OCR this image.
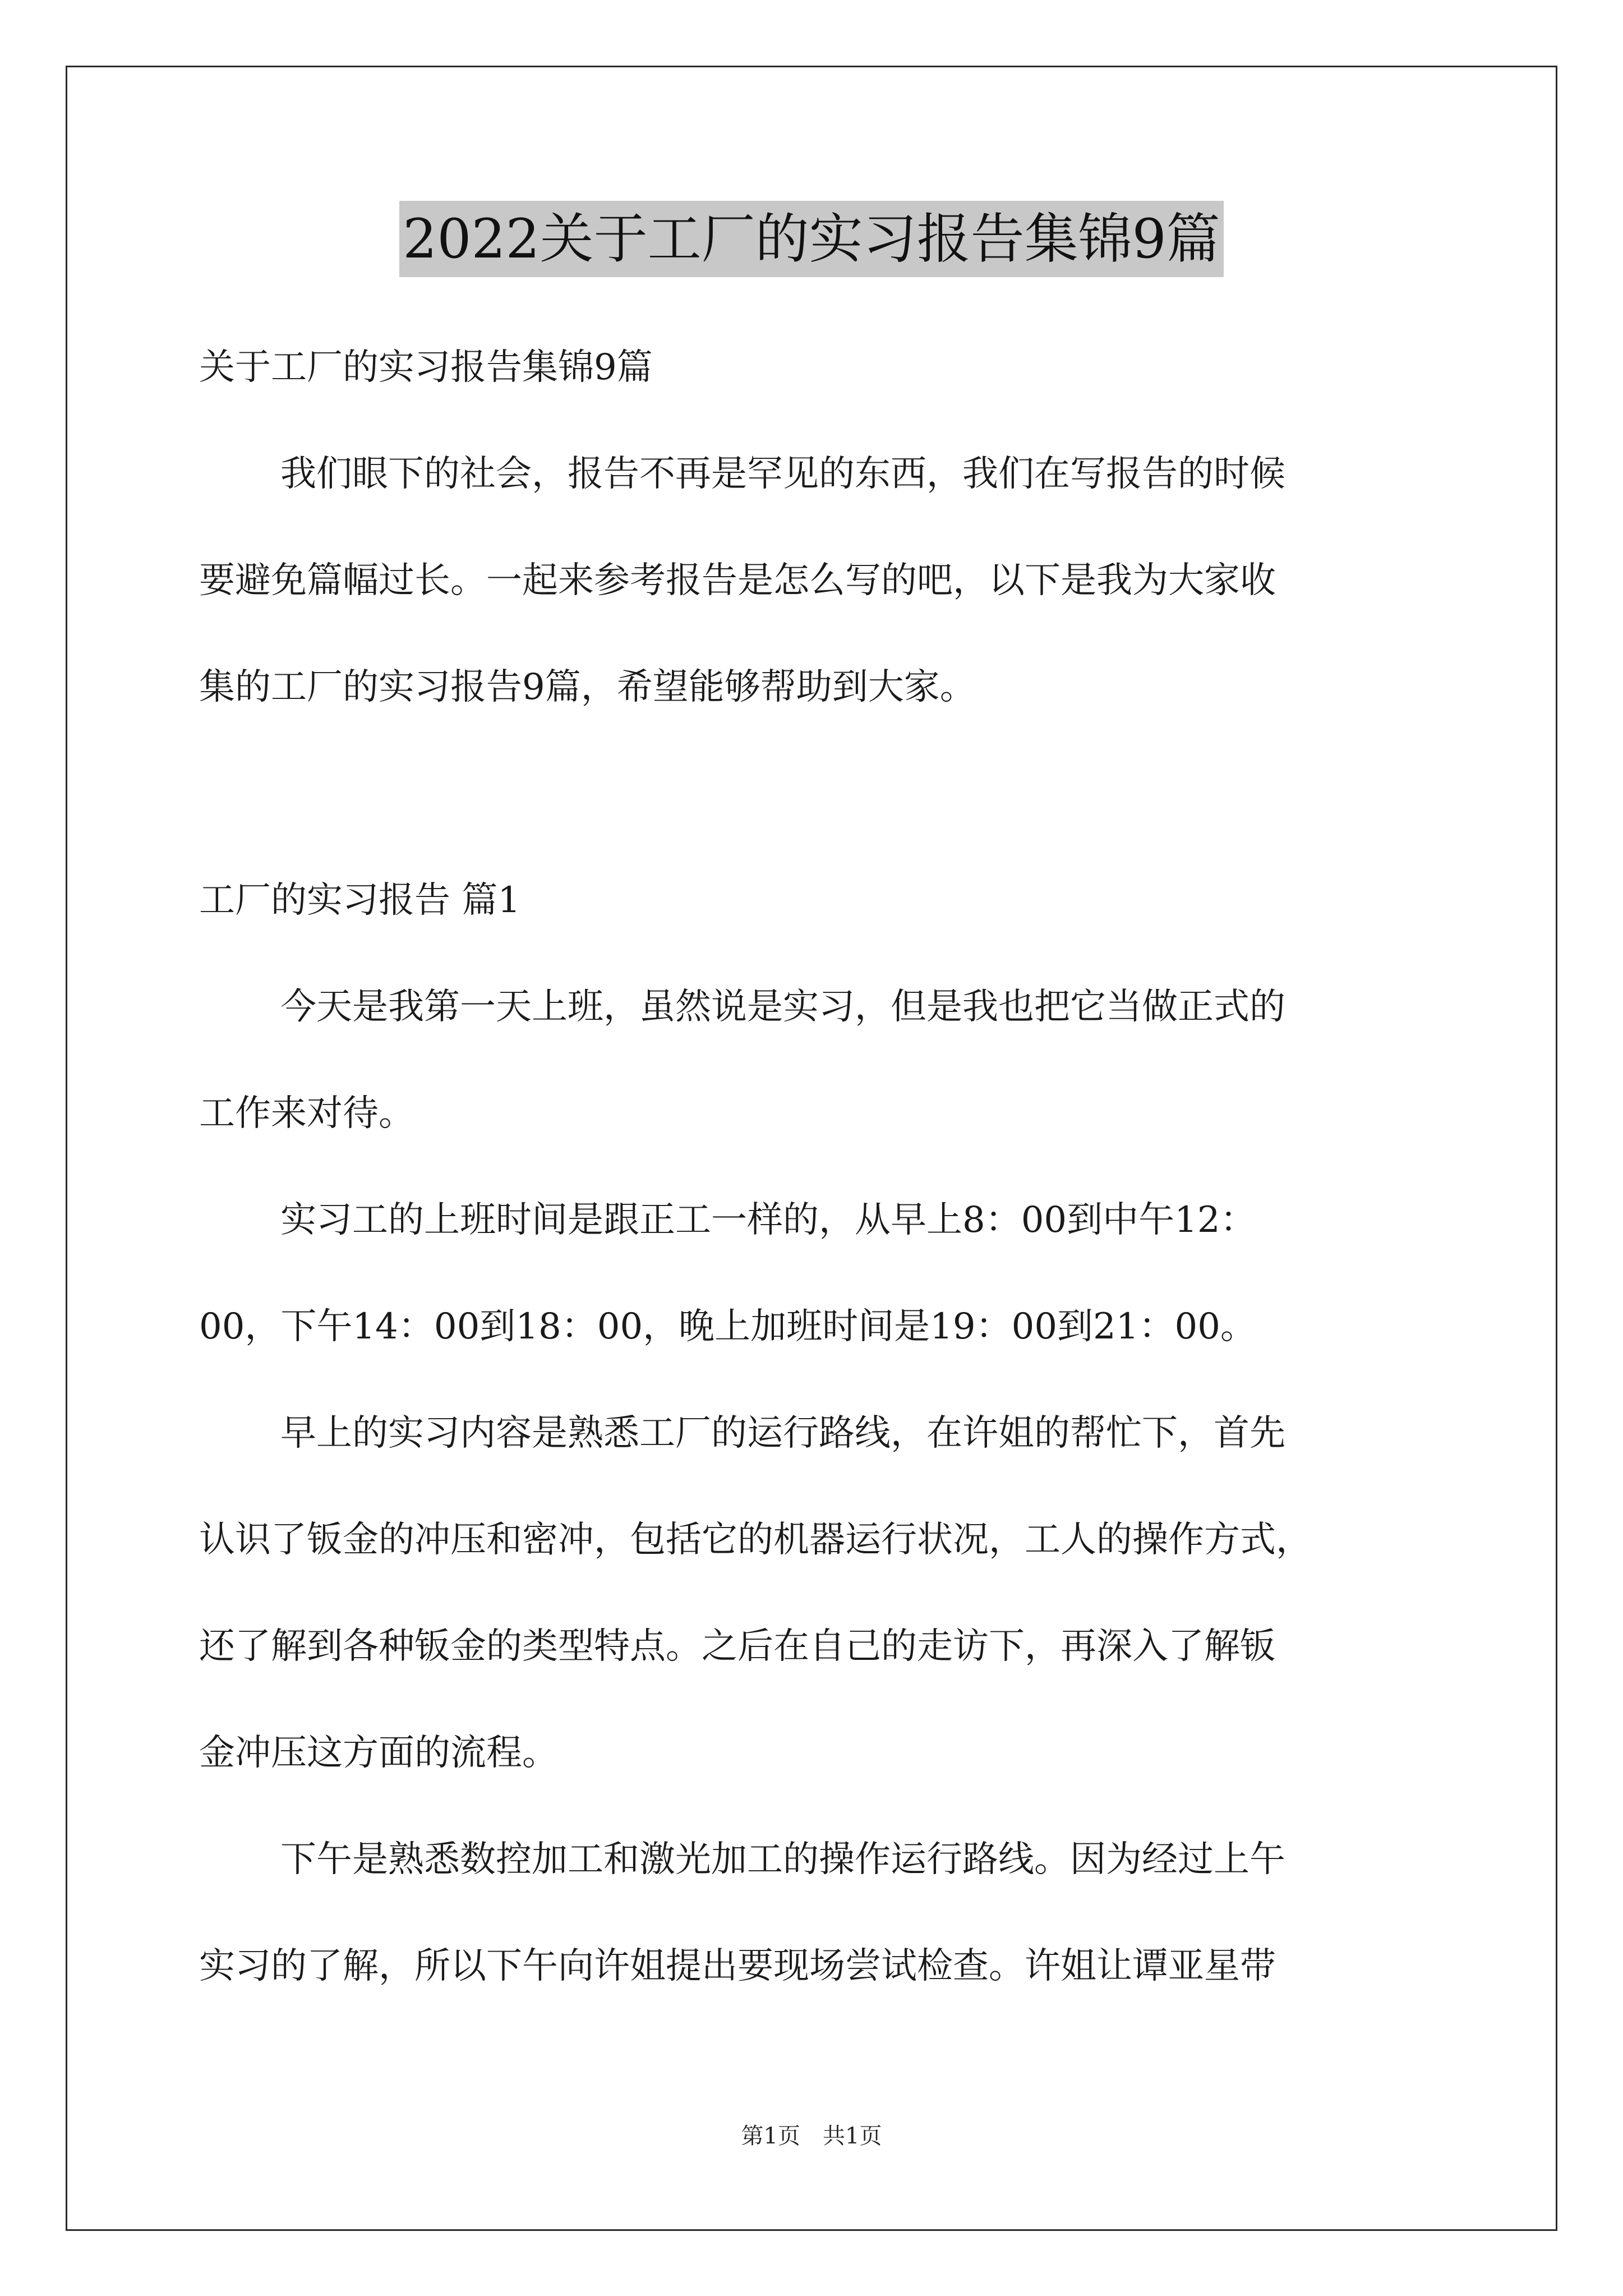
2022关于工厂的实习报告集锦9篇
关于工厂的实习报告集锦9篇
我们眼下的社会，报告不再是罕见的东西，我们在写报告的时候
要避免篇幅过长。一起来参考报告是怎么写的吧，以下是我为大家收
集的工厂的实习报告9篇，希望能够帮助到大家。
工厂的实习报告 篇1
今天是我第一天上班，虽然说是实习，但是我也把它当做正式的
工作来对待。
实习工的上班时间是跟正工一样的，从早上8：00到中午12：
00，下午14：00到18：00，晚上加班时间是19：00到21：00。
早上的实习内容是熟悉工厂的运行路线，在许姐的帮忙下，首先
认识了钣金的冲压和密冲，包括它的机器运行状况，工人的操作方式，
还了解到各种钣金的类型特点。之后在自己的走访下，再深入了解钣
金冲压这方面的流程。
下午是熟悉数控加工和激光加工的操作运行路线。因为经过上午
实习的了解，所以下午向许姐提出要现场尝试检查。许姐让谭亚星带
第1页　共1页
